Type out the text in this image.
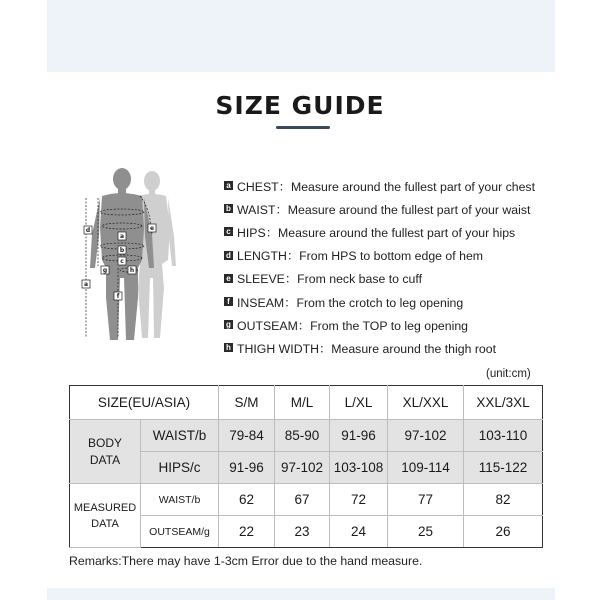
SIZE GUIDE
d
a
b
c
h
g
a
f
e
a CHEST：Measure around the fullest part of your chest
b WAIST：Measure around the fullest part of your waist
c HIPS：Measure around the fullest part of your hips
d LENGTH：From HPS to bottom edge of hem
e SLEEVE：From neck base to cuff
f INSEAM：From the crotch to leg opening
g OUTSEAM：From the TOP to leg opening
h THIGH WIDTH：Measure around the thigh root
(unit:cm)
SIZE(EU/ASIA)		S/M	M/L	L/XL	XL/XXL	XXL/3XL
BODY
DATA	WAIST/b	79-84	85-90	91-96	97-102	103-110
	HIPS/c	91-96	97-102	103-108	109-114	115-122
MEASURED
DATA	WAIST/b	62	67	72	77	82
	OUTSEAM/g	22	23	24	25	26
Remarks:There may have 1-3cm Error due to the hand measure.
